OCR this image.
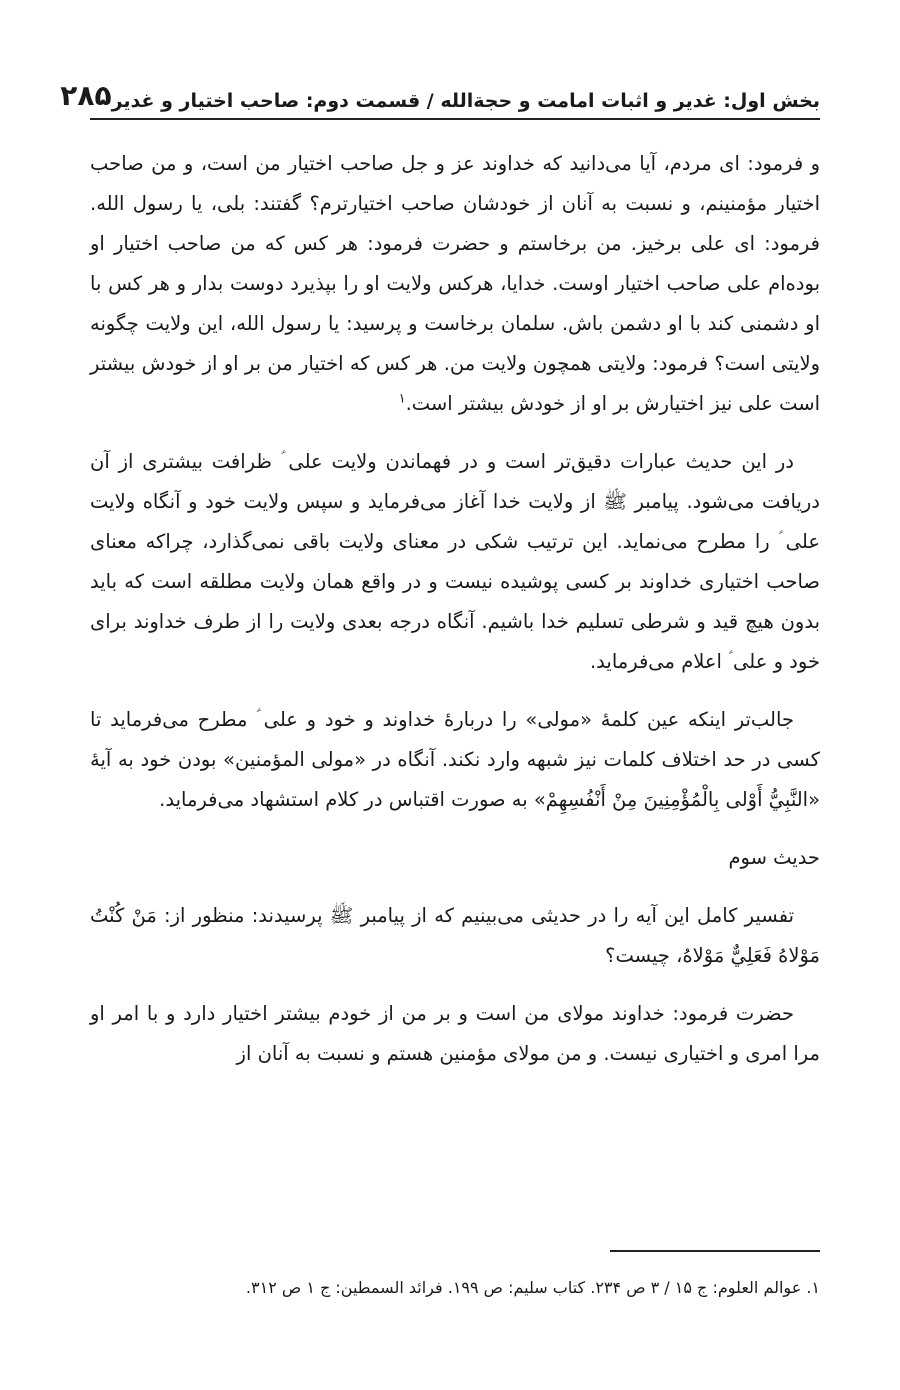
بخش اول: غدیر و اثبات امامت و حجةالله / قسمت دوم: صاحب اختیار و غدیر
۲۸۵

و فرمود: ای مردم، آیا می‌دانید که خداوند عز و جل صاحب اختیار من است، و من صاحب اختیار مؤمنینم، و نسبت به آنان از خودشان صاحب اختیارترم؟ گفتند: بلی، یا رسول الله. فرمود: ای علی برخیز. من برخاستم و حضرت فرمود: هر کس که من صاحب اختیار او بوده‌ام علی صاحب اختیار اوست. خدایا، هرکس ولایت او را بپذیرد دوست بدار و هر کس با او دشمنی کند با او دشمن باش. سلمان برخاست و پرسید: یا رسول الله، این ولایت چگونه ولایتی است؟ فرمود: ولایتی همچون ولایت من. هر کس که اختیار من بر او از خودش بیشتر است علی نیز اختیارش بر او از خودش بیشتر است.$^۱$

در این حدیث عبارات دقیق‌تر است و در فهماندن ولایت علی ؑ ظرافت بیشتری از آن دریافت می‌شود. پیامبر ﷺ از ولایت خدا آغاز می‌فرماید و سپس ولایت خود و آنگاه ولایت علی ؑ را مطرح می‌نماید. این ترتیب شکی در معنای ولایت باقی نمی‌گذارد، چراکه معنای صاحب اختیاری خداوند بر کسی پوشیده نیست و در واقع همان ولایت مطلقه است که باید بدون هیچ قید و شرطی تسلیم خدا باشیم. آنگاه درجه بعدی ولایت را از طرف خداوند برای خود و علی ؑ اعلام می‌فرماید.

جالب‌تر اینکه عین کلمهٔ «مولی» را دربارهٔ خداوند و خود و علی ؑ مطرح می‌فرماید تا کسی در حد اختلاف کلمات نیز شبهه وارد نکند. آنگاه در «مولی المؤمنین» بودن خود به آیهٔ «النَّبِيُّ أَوْلى بِالْمُؤْمِنِينَ مِنْ أَنْفُسِهِمْ» به صورت اقتباس در کلام استشهاد می‌فرماید.

حدیث سوم

تفسیر کامل این آیه را در حدیثی می‌بینیم که از پیامبر ﷺ پرسیدند: منظور از: مَنْ كُنْتُ مَوْلاهُ فَعَلِيٌّ مَوْلاهُ، چیست؟

حضرت فرمود: خداوند مولای من است و بر من از خودم بیشتر اختیار دارد و با امر او مرا امری و اختیاری نیست. و من مولای مؤمنین هستم و نسبت به آنان از

۱. عوالم العلوم: ج ۱۵ / ۳ ص ۲۳۴. کتاب سلیم: ص ۱۹۹. فرائد السمطین: ج ۱ ص ۳۱۲.
